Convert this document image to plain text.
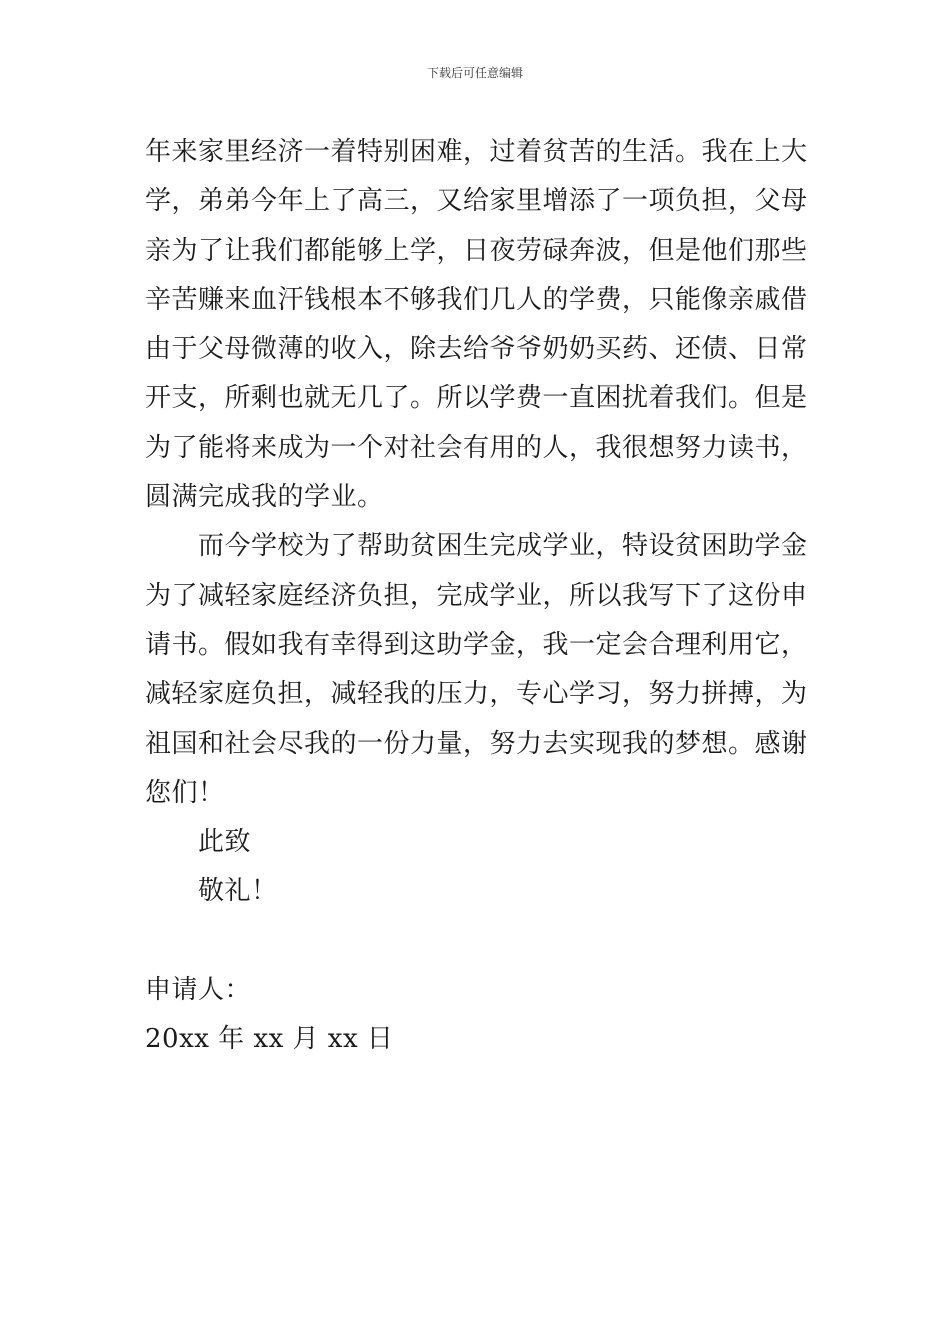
下载后可任意编辑
年来家里经济一着特别困难，过着贫苦的生活。我在上大
学，弟弟今年上了高三，又给家里增添了一项负担，父母
亲为了让我们都能够上学，日夜劳碌奔波，但是他们那些
辛苦赚来血汗钱根本不够我们几人的学费，只能像亲戚借
由于父母微薄的收入，除去给爷爷奶奶买药、还债、日常
开支，所剩也就无几了。所以学费一直困扰着我们。但是
为了能将来成为一个对社会有用的人，我很想努力读书，
圆满完成我的学业。
而今学校为了帮助贫困生完成学业，特设贫困助学金
为了减轻家庭经济负担，完成学业，所以我写下了这份申
请书。假如我有幸得到这助学金，我一定会合理利用它，
减轻家庭负担，减轻我的压力，专心学习，努力拼搏，为
祖国和社会尽我的一份力量，努力去实现我的梦想。感谢
您们！
此致
敬礼！
申请人：
20xx 年 xx 月 xx 日
